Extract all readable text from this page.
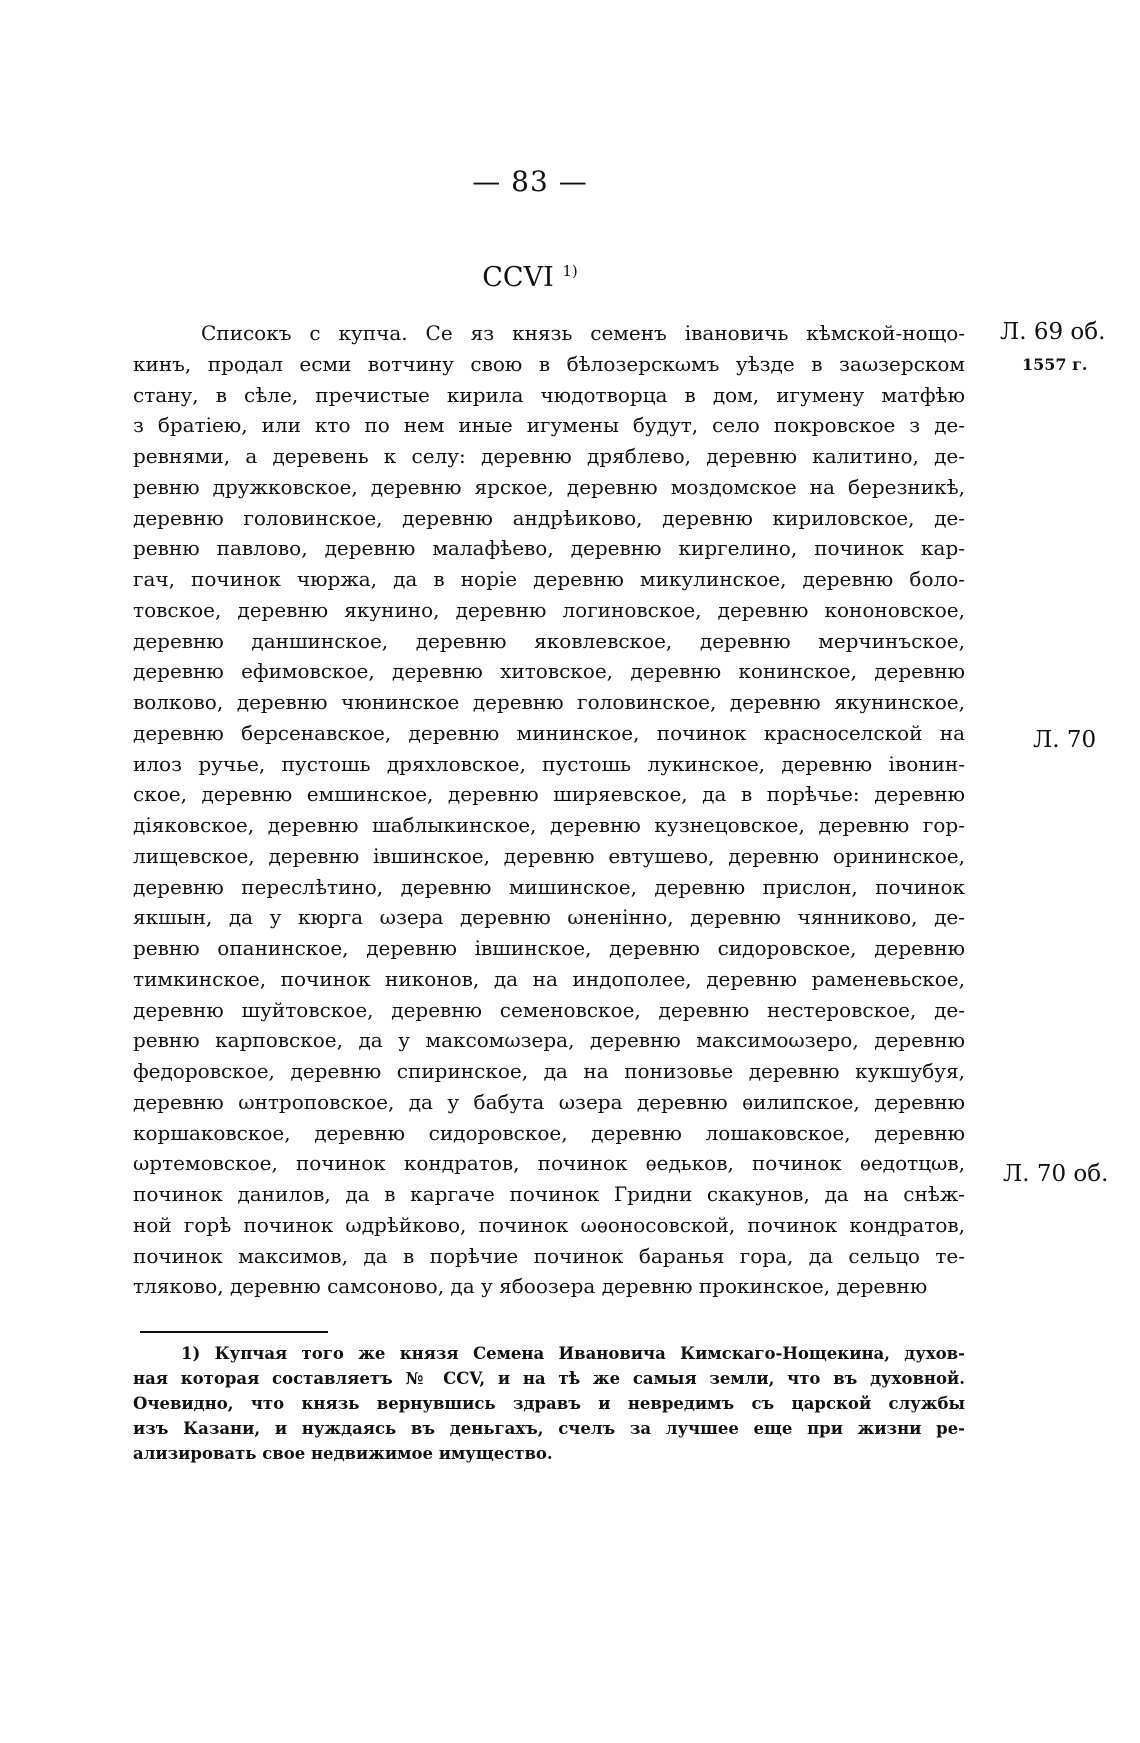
— 83 —
CCVI $^{1)}$
Списокъ с купча. Се яз князь семенъ івановичь кѣмской-нощо-
кинъ, продал есми вотчину свою в бѣлозерскωмъ уѣзде в заωзерском
стану, в сѣле, пречистые кирила чюдотворца в дом, игумену матфѣю
з братіею, или кто по нем иные игумены будут, село покровское з де-
ревнями, а деревень к селу: деревню дряблево, деревню калитино, де-
ревню дружковское, деревню ярское, деревню моздомское на березникѣ,
деревню головинское, деревню андрѣиково, деревню кириловское, де-
ревню павлово, деревню малафѣево, деревню киргелино, починок кар-
гач, починок чюржа, да в норіе деревню микулинское, деревню боло-
товское, деревню якунино, деревню логиновское, деревню кононовское,
деревню даншинское, деревню яковлевское, деревню мерчинъское,
деревню ефимовское, деревню хитовское, деревню конинское, деревню
волково, деревню чюнинское деревню головинское, деревню якунинское,
деревню берсенавское, деревню мининское, починок красноселской на
илоз ручье, пустошь дряхловское, пустошь лукинское, деревню івонин-
ское, деревню емшинское, деревню ширяевское, да в порѣчье: деревню
діяковское, деревню шаблыкинское, деревню кузнецовское, деревню гор-
лищевское, деревню івшинское, деревню евтушево, деревню орининское,
деревню переслѣтино, деревню мишинское, деревню прислон, починок
якшын, да у кюрга ωзера деревню ωненінно, деревню чянниково, де-
ревню опанинское, деревню івшинское, деревню сидоровское, деревню
тимкинское, починок никонов, да на индополее, деревню раменевьское,
деревню шуйтовское, деревню семеновское, деревню нестеровское, де-
ревню карповское, да у максомωзера, деревню максимоωзеро, деревню
федоровское, деревню спиринское, да на понизовье деревню кукшубуя,
деревню ωнтроповское, да у бабута ωзера деревню ѳилипское, деревню
коршаковское, деревню сидоровское, деревню лошаковское, деревню
ωртемовское, починок кондратов, починок ѳедьков, починок ѳедотцωв,
починок данилов, да в каргаче починок Гридни скакунов, да на снѣж-
ной горѣ починок ωдрѣйково, починок ωѳоносовской, починок кондратов,
починок максимов, да в порѣчие починок баранья гора, да сельцо те-
тляково, деревню самсоново, да у ябоозера деревню прокинское, деревню
Л. 69 об.
1557 г.
Л. 70
Л. 70 об.
1) Купчая того же князя Семена Ивановича Кимскаго-Нощекина, духов-
ная которая составляетъ № CCV, и на тѣ же самыя земли, что въ духовной.
Очевидно, что князь вернувшись здравъ и невредимъ съ царской службы
изъ Казани, и нуждаясь въ деньгахъ, счелъ за лучшее еще при жизни ре-
ализировать свое недвижимое имущество.
